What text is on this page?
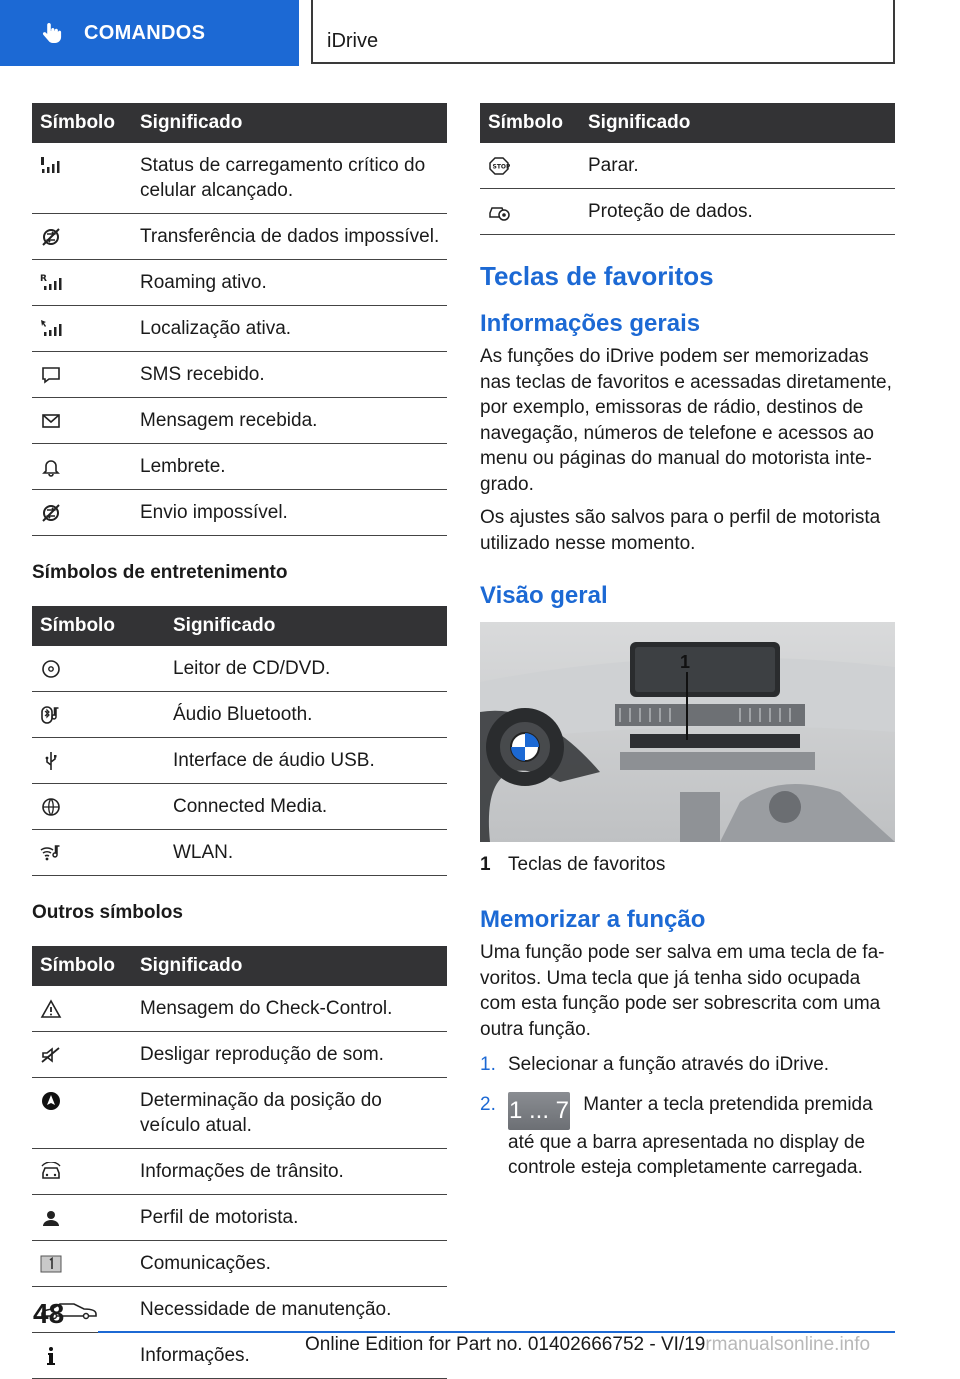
COMANDOS	iDrive
Símbolo	Significado

	Status de carregamento crítico do celular alcançado.

	Transferência de dados impossível.

R	Roaming ativo.

	Localização ativa.

	SMS recebido.

	Mensagem recebida.

	Lembrete.

	Envio impossível.
Símbolos de entretenimento
Símbolo	Significado

	Leitor de CD/DVD.

	Áudio Bluetooth.

	Interface de áudio USB.

	Connected Media.

	WLAN.
Outros símbolos
Símbolo	Significado

	Mensagem do Check-Control.

	Desligar reprodução de som.

	Determinação da posição do veículo atual.

	Informações de trânsito.

	Perfil de motorista.

	Comunicações.

	Necessidade de manutenção.

	Informações.
Símbolo	Significado

STOP	Parar.

	Proteção de dados.
Teclas de favoritos
Informações gerais

As funções do iDrive podem ser memorizadas nas teclas de favoritos e acessadas diretamente, por exemplo, emissoras de rádio, destinos de navegação, números de telefone e acessos ao menu ou páginas do manual do motorista integrado.

Os ajustes são salvos para o perfil de motorista utilizado nesse momento.

Visão geral
1
1 Teclas de favoritos
Memorizar a função

Uma função pode ser salva em uma tecla de favoritos. Uma tecla que já tenha sido ocupada com esta função pode ser sobrescrita com uma outra função.

1. Selecionar a função através do iDrive.
2. 1 ... 7 Manter a tecla pretendida premida até que a barra apresentada no display de controle esteja completamente carregada.
48
Online Edition for Part no. 01402666752 - VI/19rmanualsonline.info
